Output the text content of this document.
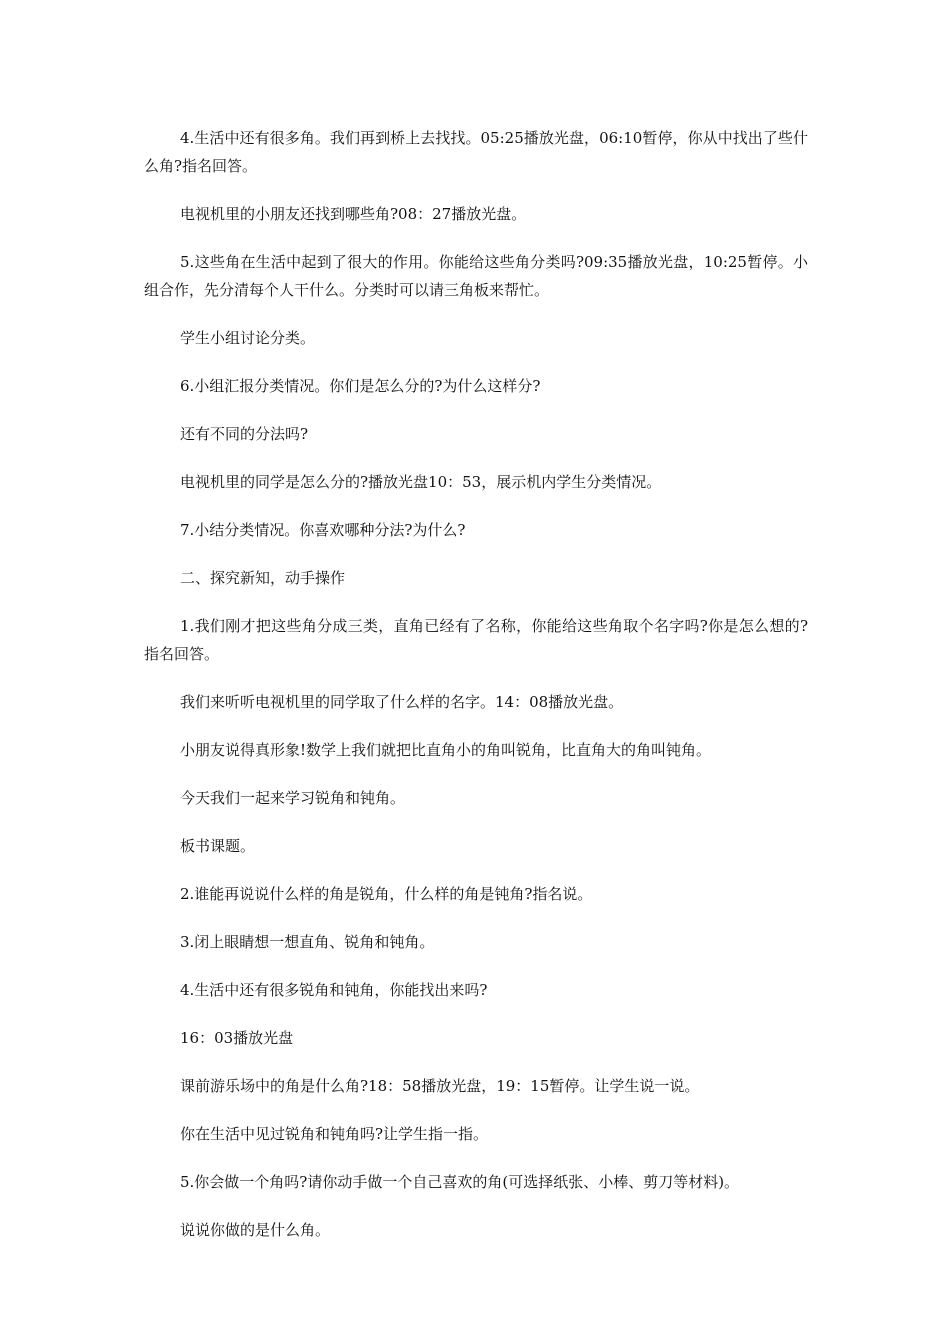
4.生活中还有很多角。我们再到桥上去找找。05:25播放光盘，06:10暂停，你从中找出了些什么角?指名回答。

电视机里的小朋友还找到哪些角?08：27播放光盘。

5.这些角在生活中起到了很大的作用。你能给这些角分类吗?09:35播放光盘，10:25暂停。小组合作，先分清每个人干什么。分类时可以请三角板来帮忙。

学生小组讨论分类。

6.小组汇报分类情况。你们是怎么分的?为什么这样分?

还有不同的分法吗?

电视机里的同学是怎么分的?播放光盘10：53，展示机内学生分类情况。

7.小结分类情况。你喜欢哪种分法?为什么?

二、探究新知，动手操作

1.我们刚才把这些角分成三类，直角已经有了名称，你能给这些角取个名字吗?你是怎么想的?指名回答。

我们来听听电视机里的同学取了什么样的名字。14：08播放光盘。

小朋友说得真形象!数学上我们就把比直角小的角叫锐角，比直角大的角叫钝角。

今天我们一起来学习锐角和钝角。

板书课题。

2.谁能再说说什么样的角是锐角，什么样的角是钝角?指名说。

3.闭上眼睛想一想直角、锐角和钝角。

4.生活中还有很多锐角和钝角，你能找出来吗?

16：03播放光盘

课前游乐场中的角是什么角?18：58播放光盘，19：15暂停。让学生说一说。

你在生活中见过锐角和钝角吗?让学生指一指。

5.你会做一个角吗?请你动手做一个自己喜欢的角(可选择纸张、小棒、剪刀等材料)。

说说你做的是什么角。
